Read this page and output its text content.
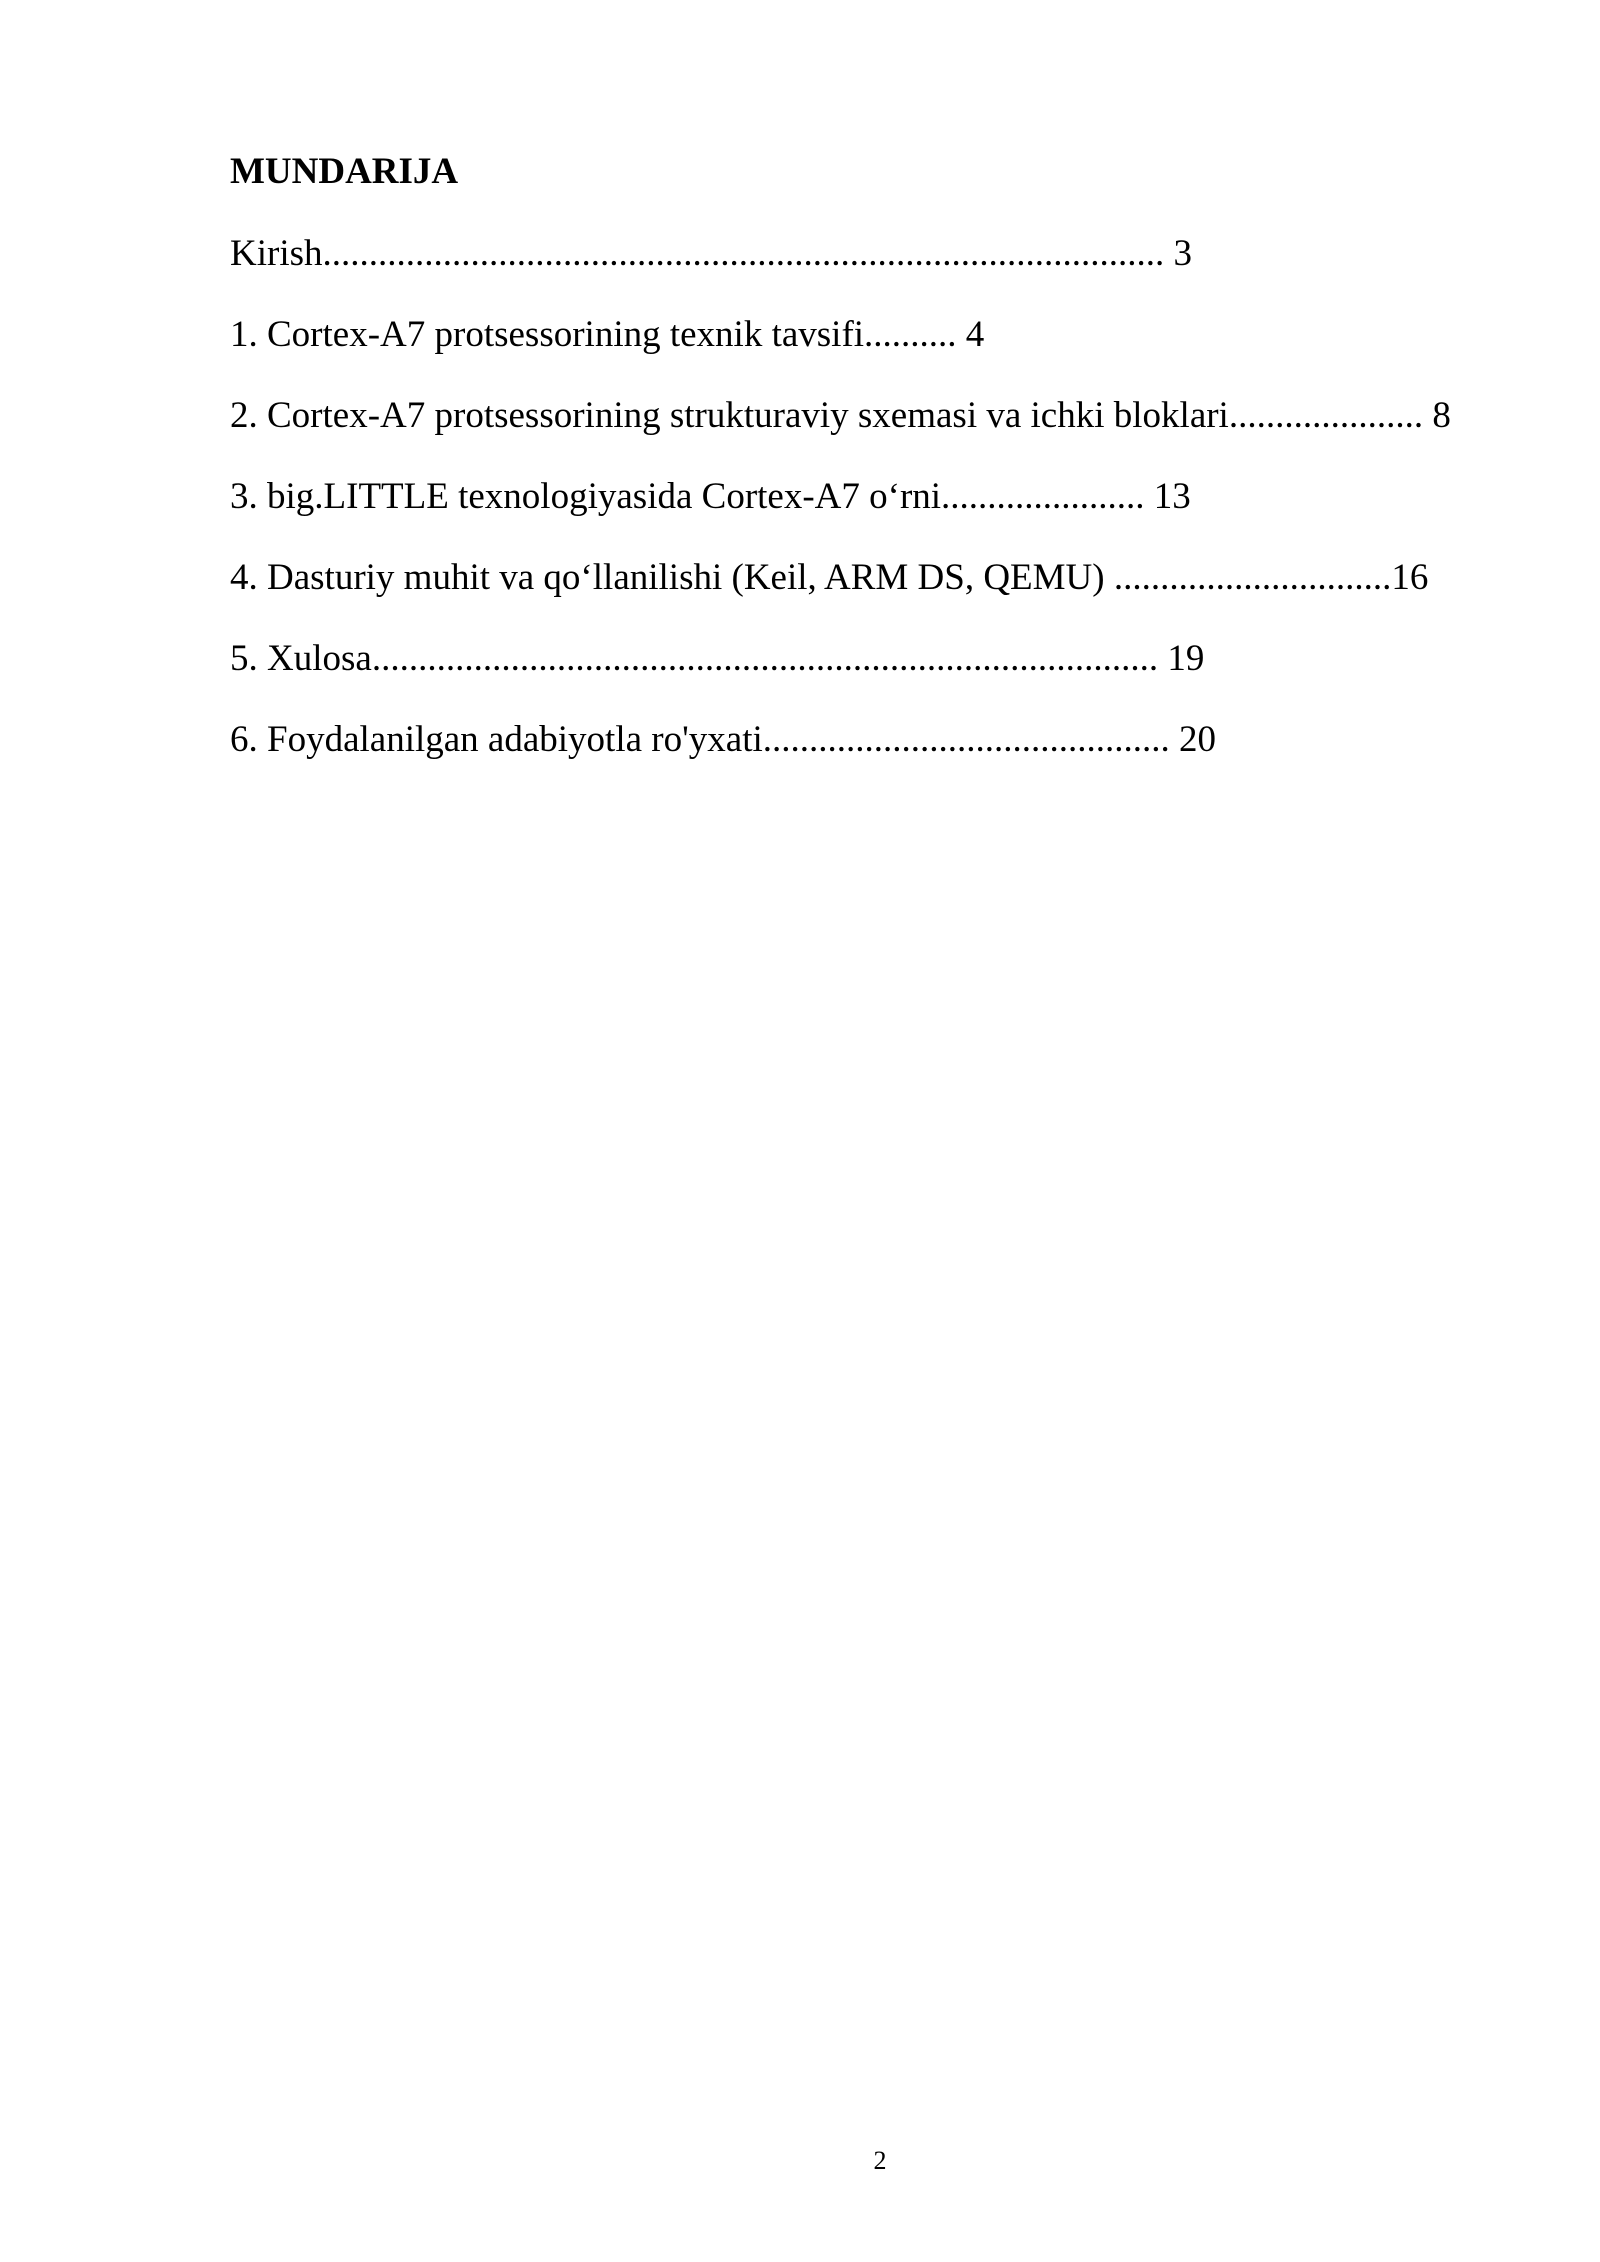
MUNDARIJA
Kirish........................................................................................... 3
1. Cortex-A7 protsessorining texnik tavsifi.......... 4
2. Cortex-A7 protsessorining strukturaviy sxemasi va ichki bloklari..................... 8
3. big.LITTLE texnologiyasida Cortex-A7 o‘rni...................... 13
4. Dasturiy muhit va qo‘llanilishi (Keil, ARM DS, QEMU) ..............................16
5. Xulosa..................................................................................... 19
6. Foydalanilgan adabiyotla ro'yxati............................................ 20
2
